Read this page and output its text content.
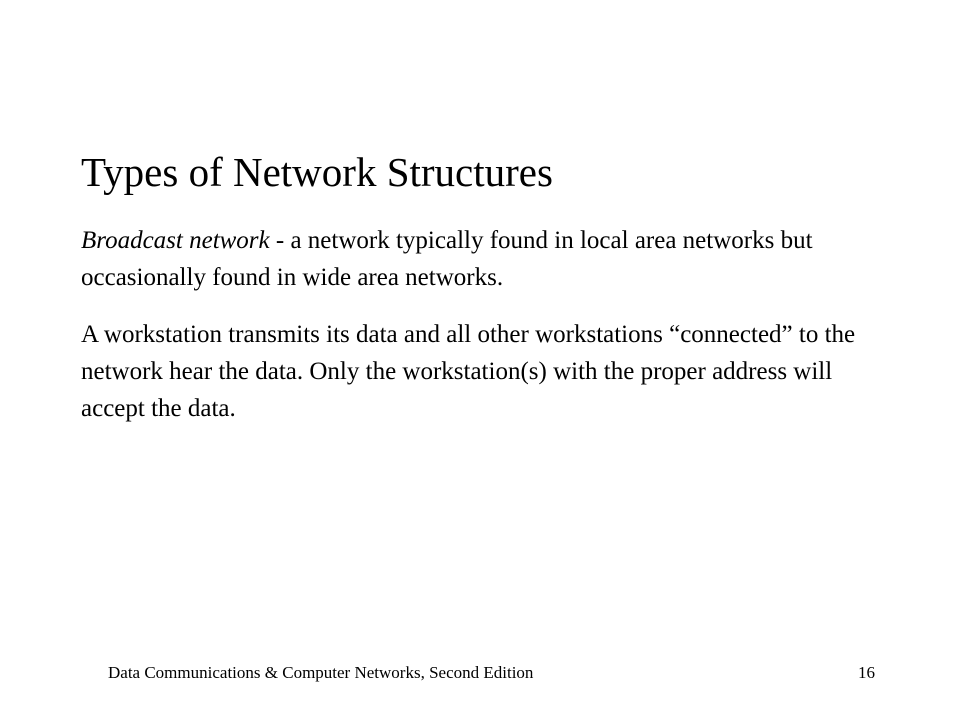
Types of Network Structures

Broadcast network - a network typically found in local area networks but occasionally found in wide area networks.

A workstation transmits its data and all other workstations “connected” to the network hear the data. Only the workstation(s) with the proper address will accept the data.

Data Communications & Computer Networks, Second Edition	16
